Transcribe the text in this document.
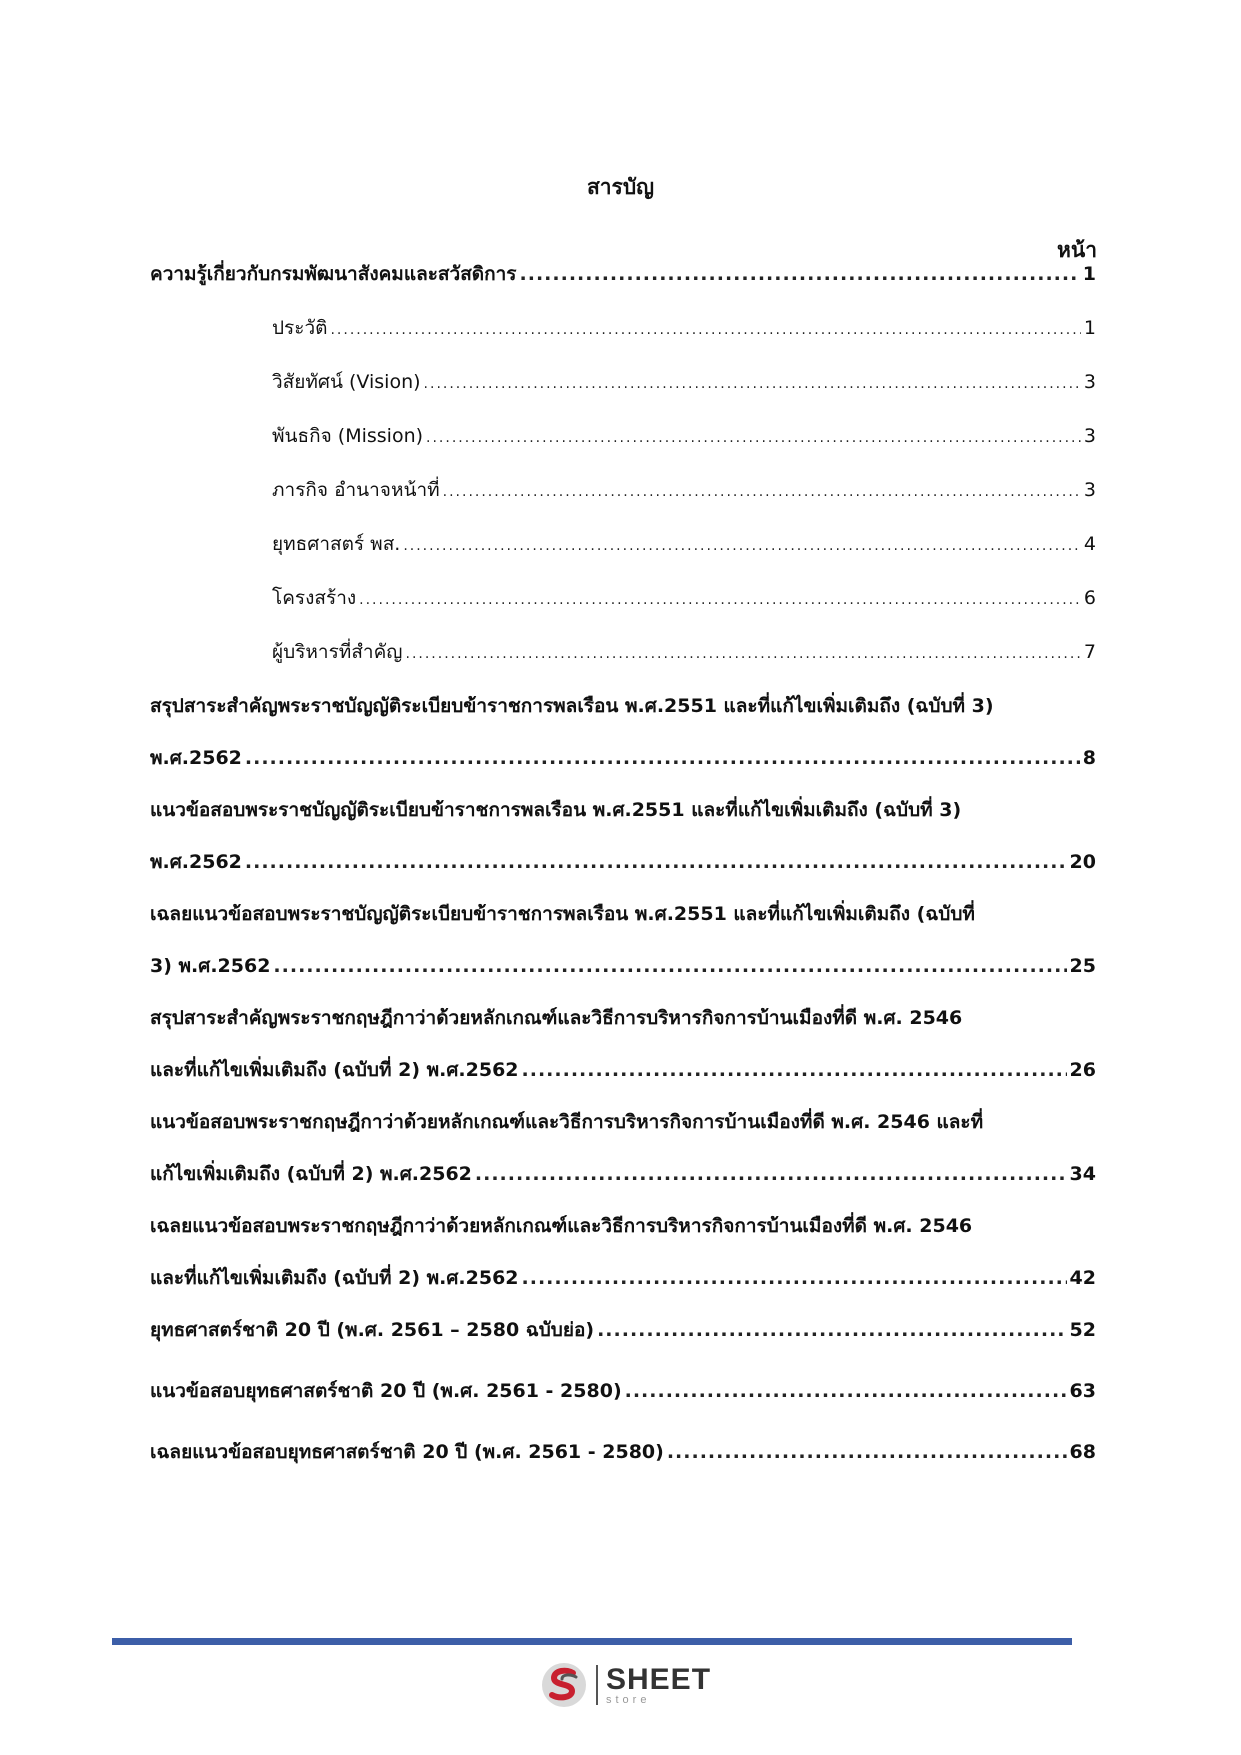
สารบัญ
หน้า
ความรู้เกี่ยวกับกรมพัฒนาสังคมและสวัสดิการ .....	1
ประวัติ .....	1
วิสัยทัศน์ (Vision) .....	3
พันธกิจ (Mission) .....	3
ภารกิจ อำนาจหน้าที่ .....	3
ยุทธศาสตร์ พส. .....	4
โครงสร้าง .....	6
ผู้บริหารที่สำคัญ .....	7
สรุปสาระสำคัญพระราชบัญญัติระเบียบข้าราชการพลเรือน พ.ศ.2551 และที่แก้ไขเพิ่มเติมถึง (ฉบับที่ 3)
พ.ศ.2562 .....	8
แนวข้อสอบพระราชบัญญัติระเบียบข้าราชการพลเรือน พ.ศ.2551 และที่แก้ไขเพิ่มเติมถึง (ฉบับที่ 3)
พ.ศ.2562 .....	20
เฉลยแนวข้อสอบพระราชบัญญัติระเบียบข้าราชการพลเรือน พ.ศ.2551 และที่แก้ไขเพิ่มเติมถึง (ฉบับที่
3) พ.ศ.2562 .....	25
สรุปสาระสำคัญพระราชกฤษฎีกาว่าด้วยหลักเกณฑ์และวิธีการบริหารกิจการบ้านเมืองที่ดี พ.ศ. 2546
และที่แก้ไขเพิ่มเติมถึง (ฉบับที่ 2) พ.ศ.2562 .....	26
แนวข้อสอบพระราชกฤษฎีกาว่าด้วยหลักเกณฑ์และวิธีการบริหารกิจการบ้านเมืองที่ดี พ.ศ. 2546 และที่
แก้ไขเพิ่มเติมถึง (ฉบับที่ 2) พ.ศ.2562 .....	34
เฉลยแนวข้อสอบพระราชกฤษฎีกาว่าด้วยหลักเกณฑ์และวิธีการบริหารกิจการบ้านเมืองที่ดี พ.ศ. 2546
และที่แก้ไขเพิ่มเติมถึง (ฉบับที่ 2) พ.ศ.2562 .....	42
ยุทธศาสตร์ชาติ 20 ปี (พ.ศ. 2561 – 2580 ฉบับย่อ) .....	52
แนวข้อสอบยุทธศาสตร์ชาติ 20 ปี (พ.ศ. 2561 - 2580) .....	63
เฉลยแนวข้อสอบยุทธศาสตร์ชาติ 20 ปี (พ.ศ. 2561 - 2580) .....	68
SHEET
store
